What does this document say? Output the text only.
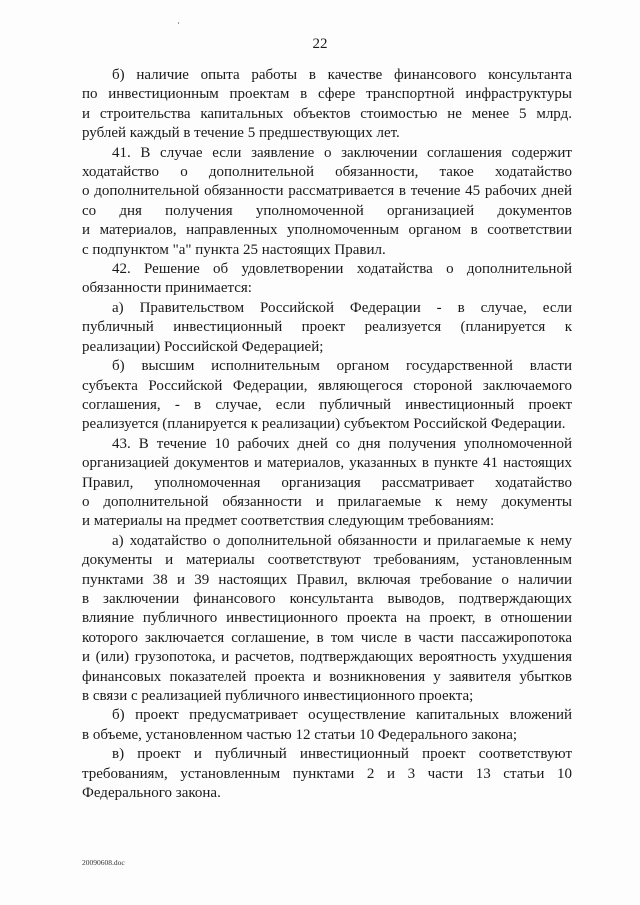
22
б) наличие опыта работы в качестве финансового консультанта
по инвестиционным проектам в сфере транспортной инфраструктуры
и строительства капитальных объектов стоимостью не менее 5 млрд.
рублей каждый в течение 5 предшествующих лет.
41. В случае если заявление о заключении соглашения содержит
ходатайство о дополнительной обязанности, такое ходатайство
о дополнительной обязанности рассматривается в течение 45 рабочих дней
со дня получения уполномоченной организацией документов
и материалов, направленных уполномоченным органом в соответствии
с подпунктом "а" пункта 25 настоящих Правил.
42. Решение об удовлетворении ходатайства о дополнительной
обязанности принимается:
а) Правительством Российской Федерации - в случае, если
публичный инвестиционный проект реализуется (планируется к
реализации) Российской Федерацией;
б) высшим исполнительным органом государственной власти
субъекта Российской Федерации, являющегося стороной заключаемого
соглашения, - в случае, если публичный инвестиционный проект
реализуется (планируется к реализации) субъектом Российской Федерации.
43. В течение 10 рабочих дней со дня получения уполномоченной
организацией документов и материалов, указанных в пункте 41 настоящих
Правил, уполномоченная организация рассматривает ходатайство
о дополнительной обязанности и прилагаемые к нему документы
и материалы на предмет соответствия следующим требованиям:
а) ходатайство о дополнительной обязанности и прилагаемые к нему
документы и материалы соответствуют требованиям, установленным
пунктами 38 и 39 настоящих Правил, включая требование о наличии
в заключении финансового консультанта выводов, подтверждающих
влияние публичного инвестиционного проекта на проект, в отношении
которого заключается соглашение, в том числе в части пассажиропотока
и (или) грузопотока, и расчетов, подтверждающих вероятность ухудшения
финансовых показателей проекта и возникновения у заявителя убытков
в связи с реализацией публичного инвестиционного проекта;
б) проект предусматривает осуществление капитальных вложений
в объеме, установленном частью 12 статьи 10 Федерального закона;
в) проект и публичный инвестиционный проект соответствуют
требованиям, установленным пунктами 2 и 3 части 13 статьи 10
Федерального закона.
20090608.doc
